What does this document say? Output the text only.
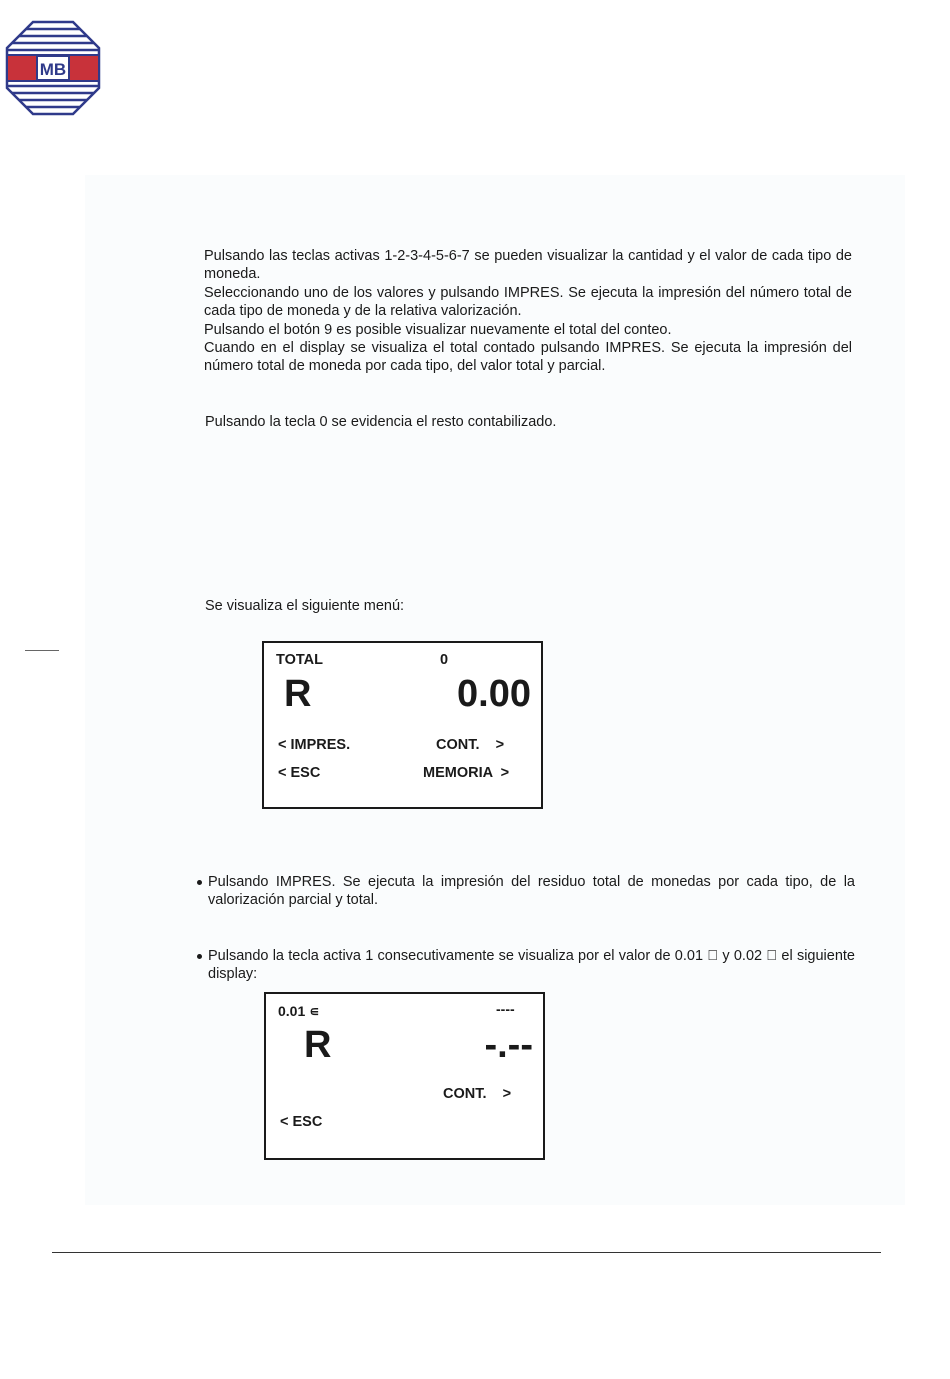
MB
Pulsando las teclas activas 1-2-3-4-5-6-7 se pueden visualizar la cantidad y el valor de cada tipo de moneda.
Seleccionando uno de los valores y pulsando IMPRES. Se ejecuta la impresión del número total de cada tipo de moneda y de la relativa valorización.
Pulsando el botón 9 es posible visualizar nuevamente el total del conteo.
Cuando en el display se visualiza el total contado pulsando IMPRES. Se ejecuta la impresión del número total de moneda por cada tipo, del valor total y parcial.
Pulsando la tecla 0 se evidencia el resto contabilizado.
Se visualiza el siguiente menú:
TOTAL	0
R	0.00
< IMPRES.	CONT.    >
< ESC	MEMORIA  >
Pulsando IMPRES. Se ejecuta la impresión del residuo total de monedas por cada tipo, de la valorización parcial y total.
Pulsando la tecla activa 1 consecutivamente se visualiza por el valor de 0.01 ￿ y 0.02 ￿ el siguiente display:
0.01 ∊	----
R	-.--
CONT.    >
< ESC
